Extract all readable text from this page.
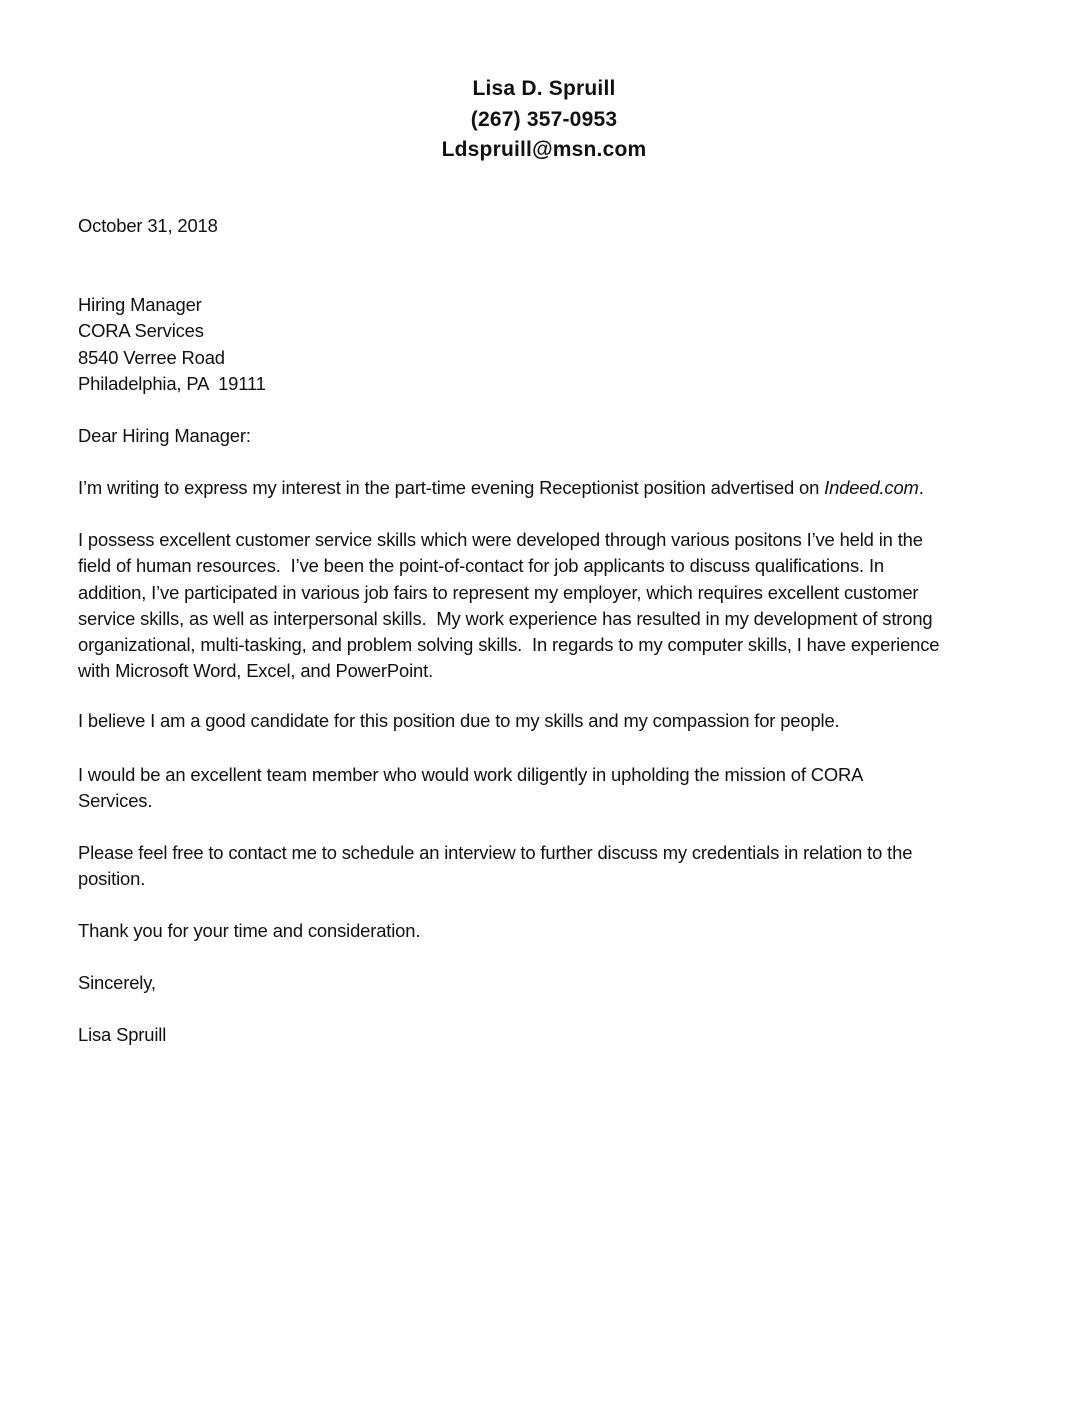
Lisa D. Spruill
(267) 357-0953
Ldspruill@msn.com
October 31, 2018
Hiring Manager
CORA Services
8540 Verree Road
Philadelphia, PA  19111
Dear Hiring Manager:
I’m writing to express my interest in the part-time evening Receptionist position advertised on Indeed.com.
I possess excellent customer service skills which were developed through various positons I’ve held in the
field of human resources.  I’ve been the point-of-contact for job applicants to discuss qualifications. In
addition, I’ve participated in various job fairs to represent my employer, which requires excellent customer
service skills, as well as interpersonal skills.  My work experience has resulted in my development of strong
organizational, multi-tasking, and problem solving skills.  In regards to my computer skills, I have experience
with Microsoft Word, Excel, and PowerPoint.
I believe I am a good candidate for this position due to my skills and my compassion for people.
I would be an excellent team member who would work diligently in upholding the mission of CORA
Services.
Please feel free to contact me to schedule an interview to further discuss my credentials in relation to the
position.
Thank you for your time and consideration.
Sincerely,
Lisa Spruill
